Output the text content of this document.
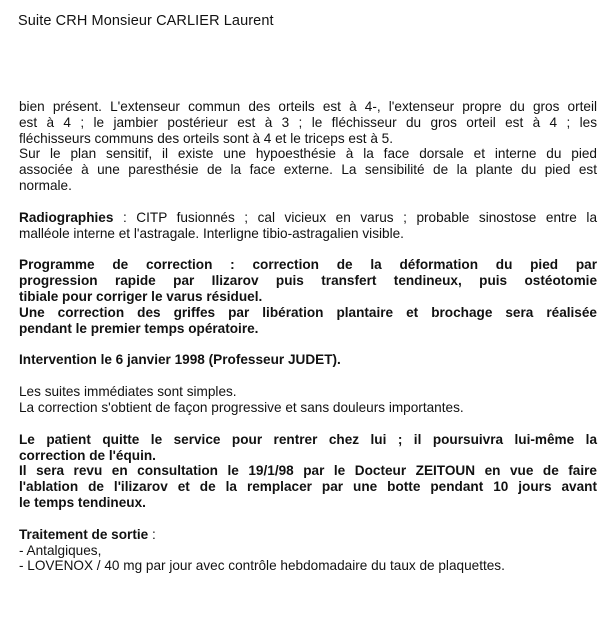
Suite CRH Monsieur CARLIER Laurent
bien présent. L'extenseur commun des orteils est à 4-, l'extenseur propre du gros orteil
est à 4 ; le jambier postérieur est à 3 ; le fléchisseur du gros orteil est à 4 ; les
fléchisseurs communs des orteils sont à 4 et le triceps est à 5.
Sur le plan sensitif, il existe une hypoesthésie à la face dorsale et interne du pied
associée à une paresthésie de la face externe. La sensibilité de la plante du pied est
normale.
Radiographies : CITP fusionnés ; cal vicieux en varus ; probable sinostose entre la
malléole interne et l'astragale. Interligne tibio-astragalien visible.
Programme de correction : correction de la déformation du pied par
progression rapide par Ilizarov puis transfert tendineux, puis ostéotomie
tibiale pour corriger le varus résiduel.
Une correction des griffes par libération plantaire et brochage sera réalisée
pendant le premier temps opératoire.
Intervention le 6 janvier 1998 (Professeur JUDET).
Les suites immédiates sont simples.
La correction s'obtient de façon progressive et sans douleurs importantes.
Le patient quitte le service pour rentrer chez lui ; il poursuivra lui-même la
correction de l'équin.
Il sera revu en consultation le 19/1/98 par le Docteur ZEITOUN en vue de faire
l'ablation de l'ilizarov et de la remplacer par une botte pendant 10 jours avant
le temps tendineux.
Traitement de sortie :
- Antalgiques,
- LOVENOX / 40 mg par jour avec contrôle hebdomadaire du taux de plaquettes.
